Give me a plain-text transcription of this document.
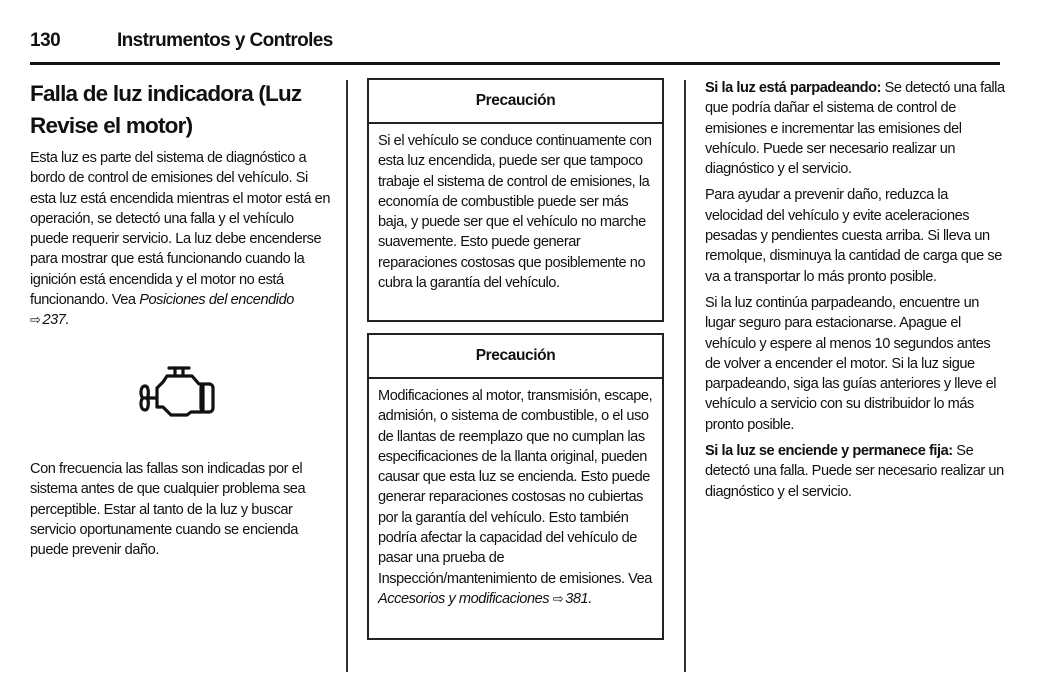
130	Instrumentos y Controles
Falla de luz indicadora (Luz Revise el motor)

Esta luz es parte del sistema de diagnóstico a bordo de control de emisiones del vehículo. Si esta luz está encendida mientras el motor está en operación, se detectó una falla y el vehículo puede requerir servicio. La luz debe encenderse para mostrar que está funcionando cuando la ignición está encendida y el motor no está funcionando. Vea Posiciones del encendido
⇨ 237.

Con frecuencia las fallas son indicadas por el sistema antes de que cualquier problema sea perceptible. Estar al tanto de la luz y buscar servicio oportunamente cuando se encienda puede prevenir daño.

Precaución
Si el vehículo se conduce continuamente con esta luz encendida, puede ser que tampoco trabaje el sistema de control de emisiones, la economía de combustible puede ser más baja, y puede ser que el vehículo no marche suavemente. Esto puede generar reparaciones costosas que posiblemente no cubra la garantía del vehículo.
Precaución
Modificaciones al motor, transmisión, escape, admisión, o sistema de combustible, o el uso de llantas de reemplazo que no cumplan las especificaciones de la llanta original, pueden causar que esta luz se encienda. Esto puede generar reparaciones costosas no cubiertas por la garantía del vehículo. Esto también podría afectar la capacidad del vehículo de pasar una prueba de Inspección/mantenimiento de emisiones. Vea Accesorios y modificaciones ⇨ 381.

Si la luz está parpadeando: Se detectó una falla que podría dañar el sistema de control de emisiones e incrementar las emisiones del vehículo. Puede ser necesario realizar un diagnóstico y el servicio.

Para ayudar a prevenir daño, reduzca la velocidad del vehículo y evite aceleraciones pesadas y pendientes cuesta arriba. Si lleva un remolque, disminuya la cantidad de carga que se va a transportar lo más pronto posible.

Si la luz continúa parpadeando, encuentre un lugar seguro para estacionarse. Apague el vehículo y espere al menos 10 segundos antes de volver a encender el motor. Si la luz sigue parpadeando, siga las guías anteriores y lleve el vehículo a servicio con su distribuidor lo más pronto posible.

Si la luz se enciende y permanece fija: Se detectó una falla. Puede ser necesario realizar un diagnóstico y el servicio.
